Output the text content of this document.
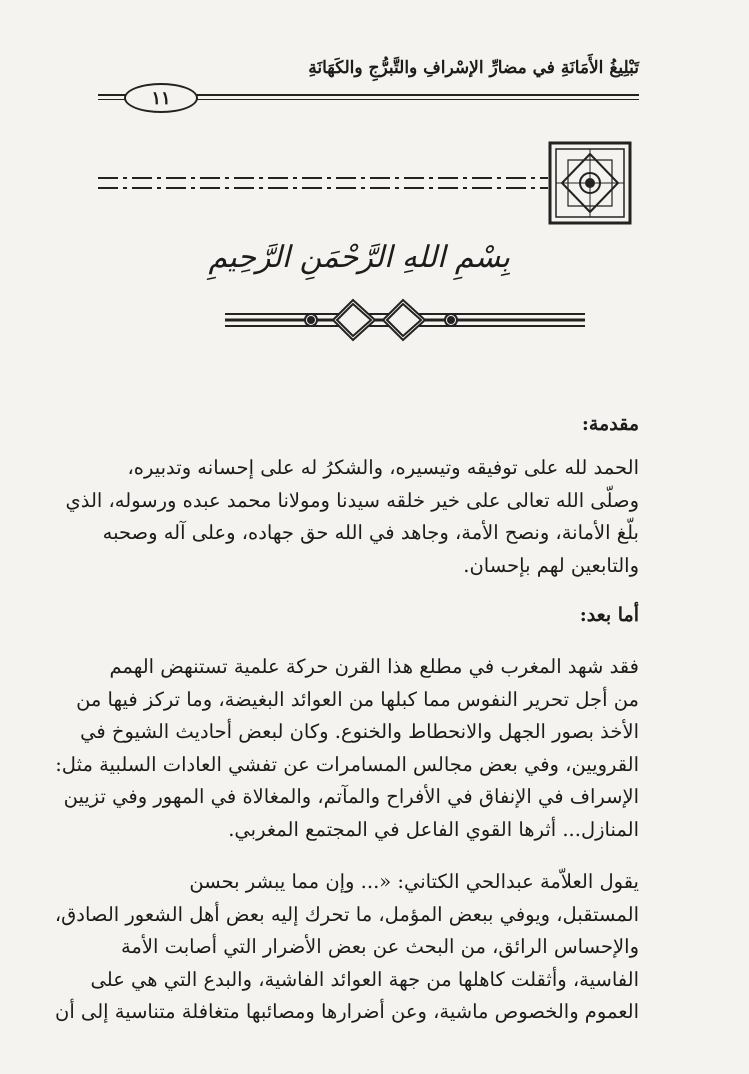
تَبْلِيغُ الأَمَانَةِ في مضارِّ الإسْرافِ والتَّبرُّجِ والكَهَانَةِ
١١
بِسْمِ اللهِ الرَّحْمَنِ الرَّحِيمِ
مقدمة:
الحمد لله على توفيقه وتيسيره، والشكرُ له على إحسانه وتدبيره،
وصلّى الله تعالى على خير خلقه سيدنا ومولانا محمد عبده ورسوله، الذي
بلّغ الأمانة، ونصح الأمة، وجاهد في الله حق جهاده، وعلى آله وصحبه
والتابعين لهم بإحسان.
أما بعد:
فقد شهد المغرب في مطلع هذا القرن حركة علمية تستنهض الهمم
من أجل تحرير النفوس مما كبلها من العوائد البغيضة، وما تركز فيها من
الأخذ بصور الجهل والانحطاط والخنوع. وكان لبعض أحاديث الشيوخ في
القرويين، وفي بعض مجالس المسامرات عن تفشي العادات السلبية مثل:
الإسراف في الإنفاق في الأفراح والمآتم، والمغالاة في المهور وفي تزيين
المنازل... أثرها القوي الفاعل في المجتمع المغربي.
يقول العلاّمة عبدالحي الكتاني: «... وإن مما يبشر بحسن
المستقبل، ويوفي ببعض المؤمل، ما تحرك إليه بعض أهل الشعور الصادق،
والإحساس الرائق، من البحث عن بعض الأضرار التي أصابت الأمة
الفاسية، وأثقلت كاهلها من جهة العوائد الفاشية، والبدع التي هي على
العموم والخصوص ماشية، وعن أضرارها ومصائبها متغافلة متناسية إلى أن
